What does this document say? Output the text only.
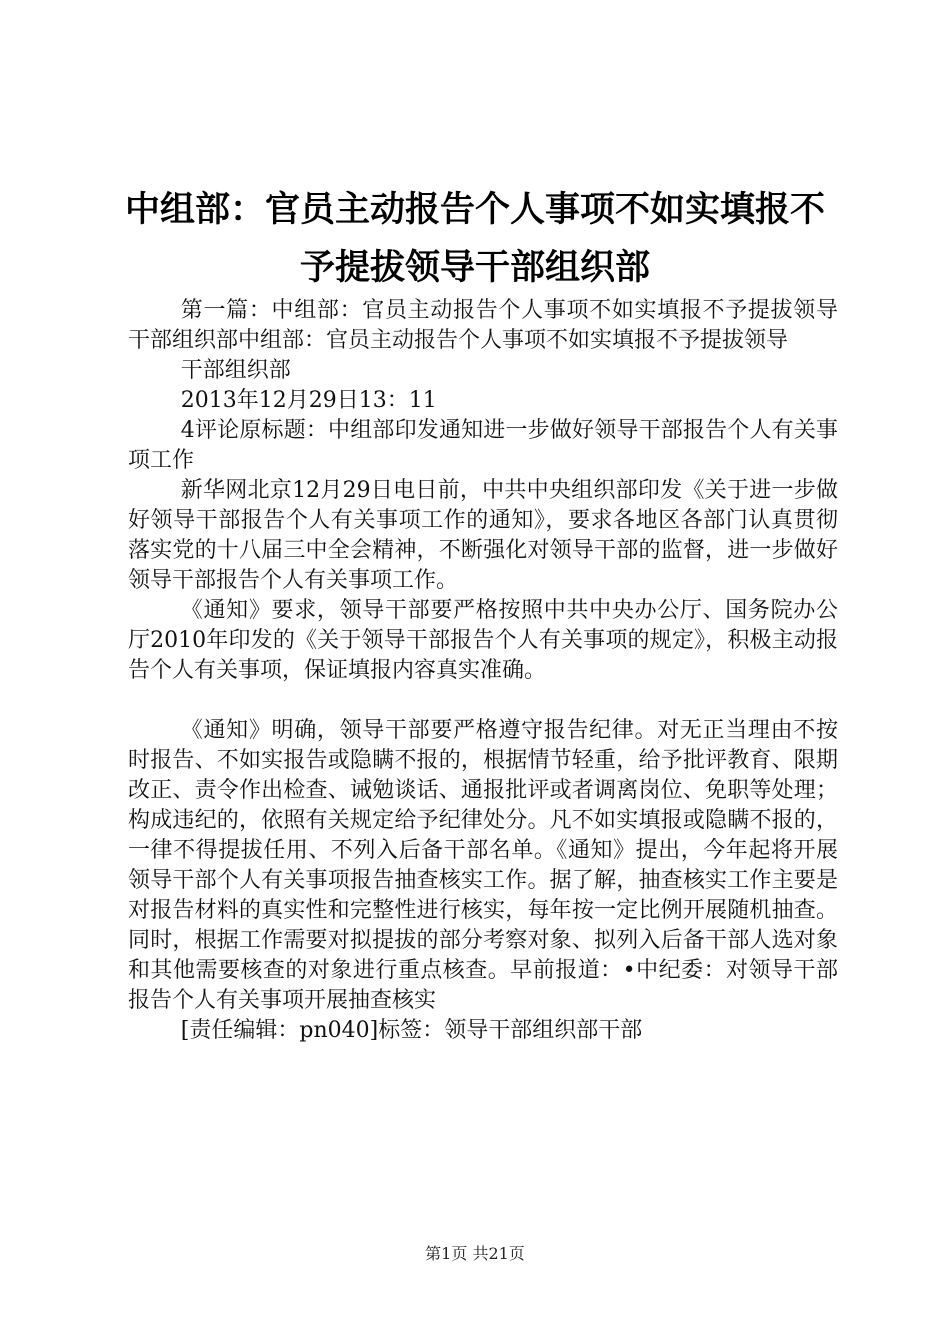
中组部：官员主动报告个人事项不如实填报不
予提拔领导干部组织部

第一篇：中组部：官员主动报告个人事项不如实填报不予提拔领导干部组织部中组部：官员主动报告个人事项不如实填报不予提拔领导

干部组织部

2013年12月29日13：11

4评论原标题：中组部印发通知进一步做好领导干部报告个人有关事项工作

新华网北京12月29日电日前，中共中央组织部印发《关于进一步做好领导干部报告个人有关事项工作的通知》，要求各地区各部门认真贯彻落实党的十八届三中全会精神，不断强化对领导干部的监督，进一步做好领导干部报告个人有关事项工作。

《通知》要求，领导干部要严格按照中共中央办公厅、国务院办公厅2010年印发的《关于领导干部报告个人有关事项的规定》，积极主动报告个人有关事项，保证填报内容真实准确。

《通知》明确，领导干部要严格遵守报告纪律。对无正当理由不按时报告、不如实报告或隐瞒不报的，根据情节轻重，给予批评教育、限期改正、责令作出检查、诫勉谈话、通报批评或者调离岗位、免职等处理；构成违纪的，依照有关规定给予纪律处分。凡不如实填报或隐瞒不报的，一律不得提拔任用、不列入后备干部名单。《通知》提出，今年起将开展领导干部个人有关事项报告抽查核实工作。据了解，抽查核实工作主要是对报告材料的真实性和完整性进行核实，每年按一定比例开展随机抽查。同时，根据工作需要对拟提拔的部分考察对象、拟列入后备干部人选对象和其他需要核查的对象进行重点核查。早前报道：•中纪委：对领导干部报告个人有关事项开展抽查核实

[责任编辑：pn040]标签：领导干部组织部干部

第1页 共21页
